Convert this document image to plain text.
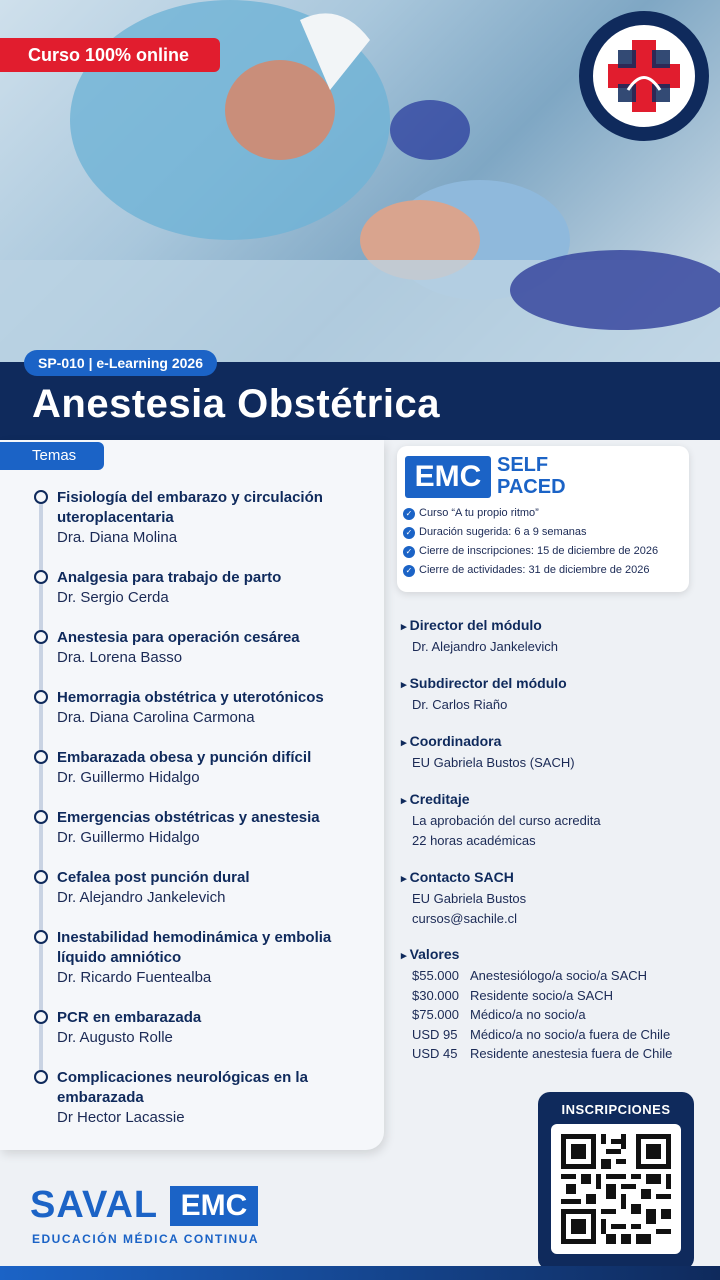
Curso 100% online
SP-010 | e-Learning 2026
Anestesia Obstétrica
Temas
Fisiología del embarazo y circulación uteroplacentaria
Dra. Diana Molina
Analgesia para trabajo de parto
Dr. Sergio Cerda
Anestesia para operación cesárea
Dra. Lorena Basso
Hemorragia obstétrica y uterotónicos
Dra. Diana Carolina Carmona
Embarazada obesa y punción difícil
Dr. Guillermo Hidalgo
Emergencias obstétricas y anestesia
Dr. Guillermo Hidalgo
Cefalea post punción dural
Dr. Alejandro Jankelevich
Inestabilidad hemodinámica y embolia líquido amniótico
Dr. Ricardo Fuentealba
PCR en embarazada
Dr. Augusto Rolle
Complicaciones neurológicas en la embarazada
Dr Hector Lacassie
EMC SELF
PACED
✓ Curso “A tu propio ritmo”
✓ Duración sugerida: 6 a 9 semanas
✓ Cierre de inscripciones: 15 de diciembre de 2026
✓ Cierre de actividades: 31 de diciembre de 2026
▸ Director del módulo
Dr. Alejandro Jankelevich
▸ Subdirector del módulo
Dr. Carlos Riaño
▸ Coordinadora
EU Gabriela Bustos (SACH)
▸ Creditaje
La aprobación del curso acredita
22 horas académicas
▸ Contacto SACH
EU Gabriela Bustos
cursos@sachile.cl
▸ Valores
$55.000 Anestesiólogo/a socio/a SACH
$30.000 Residente socio/a SACH
$75.000 Médico/a no socio/a
USD 95 Médico/a no socio/a fuera de Chile
USD 45 Residente anestesia fuera de Chile
INSCRIPCIONES
SAVAL EMC
EDUCACIÓN MÉDICA CONTINUA
